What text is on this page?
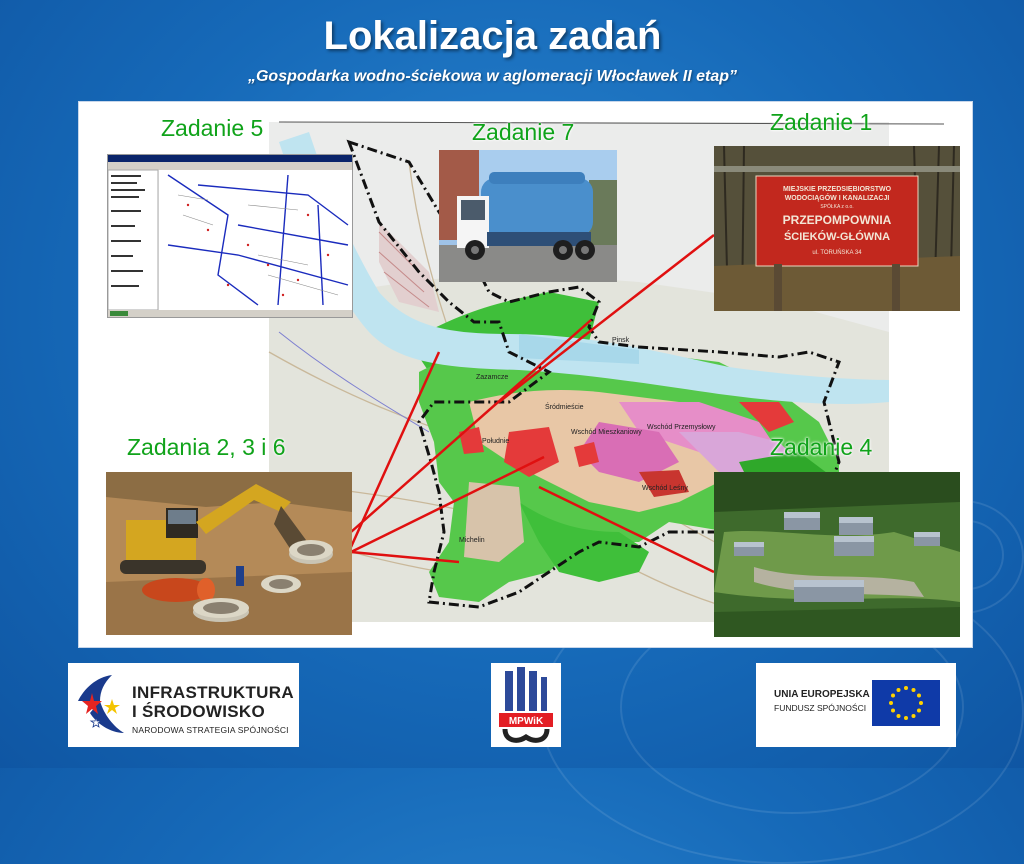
Lokalizacja zadań
„Gospodarka wodno-ściekowa w aglomeracji Włocławek II etap”
Zazamcze
Śródmieście
Południe
Wschód Mieszkaniowy
Wschód Przemysłowy
Wschód Leśny
Michelin
Pinsk
MIEJSKIE PRZEDSIĘBIORSTWO
WODOCIĄGÓW I KANALIZACJI
SPÓŁKA z o.o.
PRZEPOMPOWNIA
ŚCIEKÓW-GŁÓWNA
ul. TORUŃSKA 34
Zadanie 5	Zadanie 7	Zadanie 1
Zadania 2, 3 i 6	Zadanie 4
INFRASTRUKTURA
I ŚRODOWISKO
NARODOWA STRATEGIA SPÓJNOŚCI
MPWiK
UNIA EUROPEJSKA
FUNDUSZ SPÓJNOŚCI
